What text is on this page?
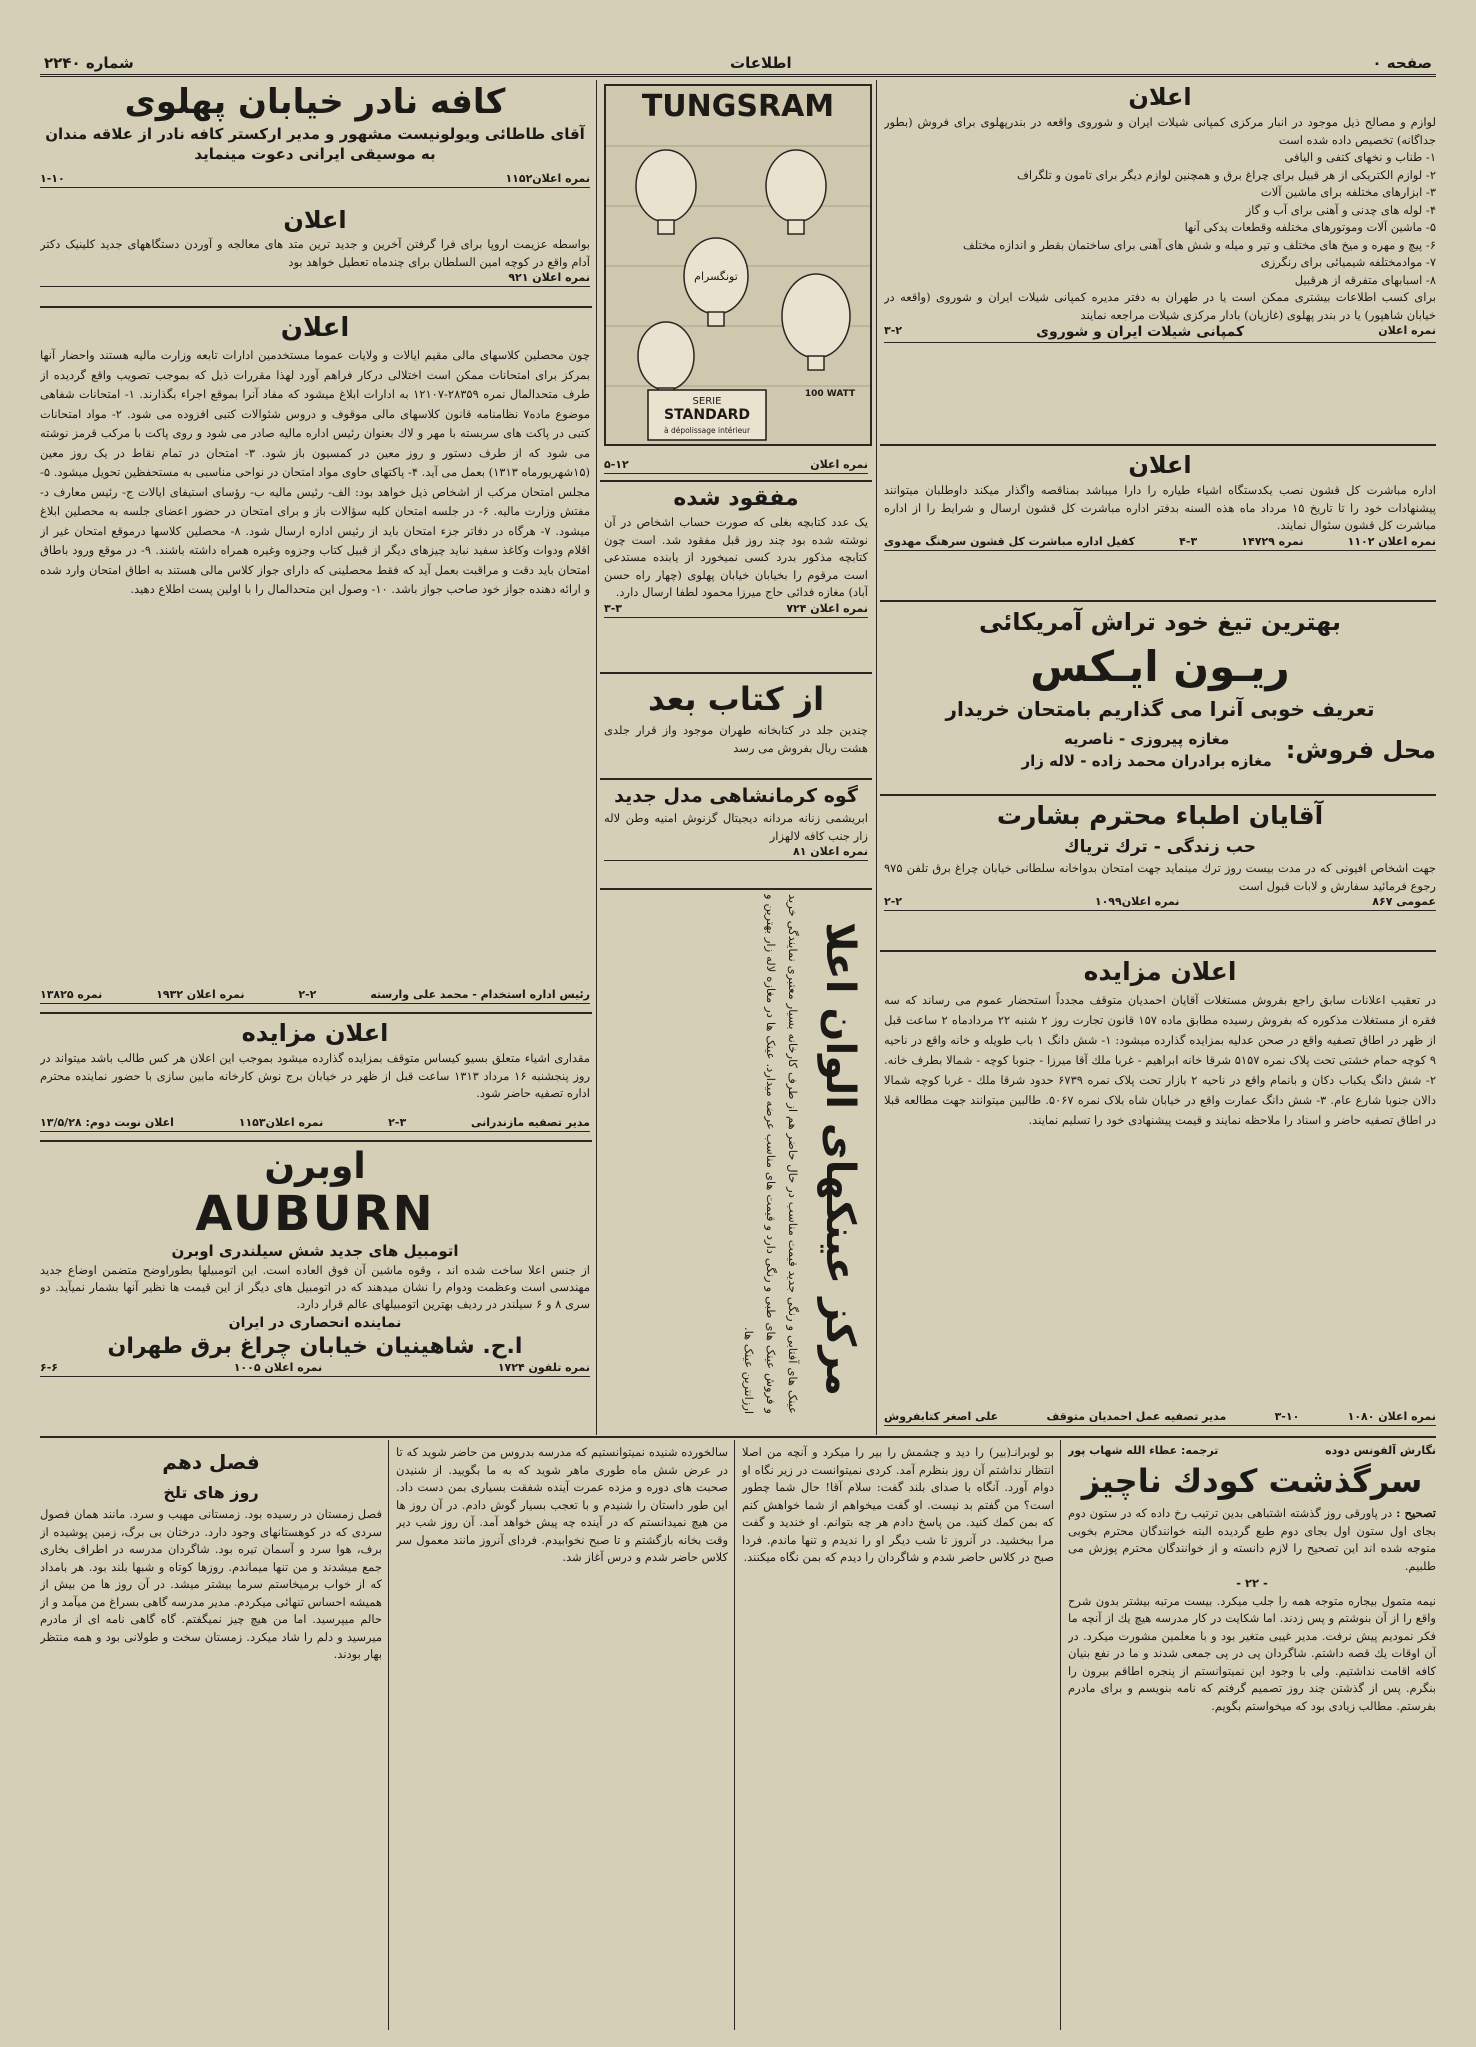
صفحه ۰
اطلاعات
شماره ۲۲۴۰
کافه نادر خیابان پهلوی

آقای طاطائی ویولونیست مشهور و مدیر ارکستر کافه نادر از علاقه مندان به موسیقی ایرانی دعوت مینماید

نمره اعلان۱۱۵۲
۱-۱۰
اعلان

بواسطه عزیمت اروپا برای فرا گرفتن آخرین و جدید ترین متد های معالجه و آوردن دستگاههای جدید کلینیک دکتر آدام واقع در کوچه امین السلطان برای چندماه تعطیل خواهد بود

نمره اعلان ۹۲۱
اعلان

چون محصلین کلاسهای مالی مقیم ایالات و ولایات عموما مستخدمین ادارات تابعه وزارت مالیه هستند واحضار آنها بمرکز برای امتحانات ممکن است اختلالی دركار فراهم آورد لهذا مقررات ذیل که بموجب تصویب واقع گردیده از طرف متحدالمال نمره ۲۸۳۵۹-۱۲۱۰۷ به ادارات ابلاغ میشود که مفاد آنرا بموقع اجراء بگذارند. ۱- امتحانات شفاهی موضوع ماده۷ نظامنامه قانون کلاسهای مالی موقوف و دروس شئوالات کتبی افزوده می شود. ۲- مواد امتحانات کتبی در پاکت های سربسته با مهر و لاك بعنوان رئیس اداره مالیه صادر می شود و روی پاکت با مرکب قرمز نوشته می شود که از طرف دستور و روز معین در کمسیون باز شود. ۳- امتحان در تمام نقاط در یک روز معین (۱۵شهریورماه ۱۳۱۳) بعمل می آید. ۴- پاکتهای حاوی مواد امتحان در نواحی مناسبی به مستحفظین تحویل میشود. ۵- مجلس امتحان مرکب از اشخاص ذیل خواهد بود: الف- رئیس مالیه ب- رؤسای استیفای ایالات ج- رئیس معارف د- مفتش وزارت مالیه. ۶- در جلسه امتحان کلیه سؤالات باز و برای امتحان در حضور اعضای جلسه به محصلین ابلاغ میشود. ۷- هرگاه در دفاتر جزء امتحان باید از رئیس اداره ارسال شود. ۸- محصلین کلاسها درموقع امتحان غیر از اقلام ودوات وکاغذ سفید نباید چیزهای دیگر از قبیل کتاب وجزوه وغیره همراه داشته باشند. ۹- در موقع ورود باطاق امتحان باید دقت و مراقبت بعمل آید که فقط محصلینی که دارای جواز کلاس مالی هستند به اطاق امتحان وارد شده و ارائه دهنده جواز خود صاحب جواز باشد. ۱۰- وصول این متحدالمال را با اولین پست اطلاع دهید.

رئیس اداره استخدام - محمد علی وارسته
۲-۲
نمره اعلان ۱۹۳۲
نمره ۱۳۸۲۵
اعلان مزایده

مقداری اشیاء متعلق بسیو کیساس متوقف بمزایده گذارده میشود بموجب این اعلان هر کس طالب باشد میتواند در روز پنجشنبه ۱۶ مرداد ۱۳۱۳ ساعت قبل از ظهر در خیابان برج نوش کارخانه مابین سازی با حضور نماینده محترم اداره تصفیه حاضر شود.

مدیر تصفیه مازندرانی
۲-۳
نمره اعلان۱۱۵۳
اعلان نوبت دوم: ۱۳/۵/۲۸
اوبرن
AUBURN

اتومبیل های جدید شش سیلندری اوبرن

از جنس اعلا ساخت شده اند ، وقوه ماشین آن فوق العاده است. این اتومبیلها بطوراوضح متضمن اوضاع جدید مهندسی است وعظمت ودوام را نشان میدهند که در اتومبیل های دیگر از این قیمت ها نظیر آنها بشمار نمیآید. دو سری ۸ و ۶ سیلندر در ردیف بهترین اتومبیلهای عالم قرار دارد.

نماینده انحصاری در ایران

ا.ح. شاهینیان خیابان چراغ برق طهران

نمره تلفون ۱۷۲۴
نمره اعلان ۱۰۰۵
۶-۶
TUNGSRAM
تونگسرام
SERIE
STANDARD
à dépolissage intérieur
100 WATT
نمره اعلان
۵-۱۲
مفقود شده

یک عدد کتابچه بغلی که صورت حساب اشخاص در آن نوشته شده بود چند روز قبل مفقود شد. است چون کتابچه مذکور بدرد کسی نمیخورد از یابنده مستدعی است مرقوم را بخیابان خیابان پهلوی (چهار راه حسن آباد) مغازه فدائی حاج میرزا محمود لطفا ارسال دارد.

نمره اعلان ۷۲۴
۳-۳
از کتاب بعد

چندین جلد در کتابخانه طهران موجود واز قرار جلدی هشت ریال بفروش می رسد

گوه کرمانشاهی مدل جدید

ابریشمی زنانه مردانه دیجیتال گزنوش امنیه وطن لاله زار جنب کافه لالهزار

نمره اعلان ۸۱
مرکز عینکهای الوان اعلا

عینک های آفتابی و رنگی جدید قیمت مناسب در حال حاضر هم از طرف کارخانه بسیار معتبری نمایندگی خرید و فروش عینک های طبی و رنگی دارد و قیمت های مناسب عرضه میدارد. عینک ها در مغازه لاله زار بهترین و ارزانترین عینک ها.

اعلان

لوازم و مصالح ذیل موجود در انبار مرکزی کمپانی شیلات ایران و شوروی واقعه در بندرپهلوی برای فروش (بطور جداگانه) تخصیص داده شده است

۱- طناب و نخهای کتفی و الیافی

۲- لوازم الکتریکی از هر قبیل برای چراغ برق و همچنین لوازم دیگر برای تامون و تلگراف

۳- ابزارهای مختلفه برای ماشین آلات

۴- لوله های چدنی و آهنی برای آب و گاز

۵- ماشین آلات وموتورهای مختلفه وقطعات یدکی آنها

۶- پیچ و مهره و میخ های مختلف و تیر و میله و شش های آهنی برای ساختمان بقطر و اندازه مختلف

۷- موادمختلفه شیمیائی برای رنگرزی

۸- اسبابهای متفرقه از هرقبیل

برای کسب اطلاعات بیشتری ممکن است یا در طهران به دفتر مدیره کمپانی شیلات ایران و شوروی (واقعه در خیابان شاهپور) یا در بندر پهلوی (غازیان) بادار مرکزی شیلات مراجعه نمایند

نمره اعلان
کمپانی شیلات ایران و شوروی
۳-۲
اعلان

اداره مباشرت کل قشون نصب یکدستگاه اشیاء طیاره را دارا میباشد بمناقصه واگذار میکند داوطلبان میتوانند پیشنهادات خود را تا تاریخ ۱۵ مرداد ماه هذه السنه بدفتر اداره مباشرت کل قشون ارسال و شرایط را از اداره مباشرت کل قشون سئوال نمایند.

نمره اعلان ۱۱۰۲
نمره ۱۴۷۲۹
۴-۳
کفیل اداره مباشرت کل قشون سرهنگ مهدوی
بهترین تیغ خود تراش آمریکائی
ریـون ایـکس
تعریف خوبی آنرا می گذاریم بامتحان خریدار
محل فروش:

مغازه پیروزی - ناصریه

مغازه برادران محمد زاده - لاله زار

آقایان اطباء محترم بشارت
حب زندگی - ترك تریاك

جهت اشخاص افیونی که در مدت بیست روز ترك مینماید جهت امتحان بدواخانه سلطانی خیابان چراغ برق تلفن ۹۷۵ رجوع فرمائید سفارش و لابات قبول است

عمومی ۸۶۷
نمره اعلان۱۰۹۹
۲-۲
اعلان مزایده

در تعقیب اعلانات سابق راجع بفروش مستغلات آقایان احمدیان متوقف مجدداً استحضار عموم می رساند که سه فقره از مستغلات مذکوره که بفروش رسیده مطابق ماده ۱۵۷ قانون تجارت روز ۲ شنبه ۲۲ مردادماه ۲ ساعت قبل از ظهر در اطاق تصفیه واقع در صحن عدلیه بمزایده گذارده میشود: ۱- شش دانگ ۱ باب طویله و خانه واقع در ناحیه ۹ کوچه حمام خشتی تحت پلاک نمره ۵۱۵۷ شرقا خانه ابراهیم - غربا ملك آقا میرزا - جنوبا کوچه - شمالا بطرف خانه. ۲- شش دانگ یکباب دکان و بانمام واقع در ناحیه ۲ بازار تحت پلاک نمره ۶۷۳۹ حدود شرقا ملك - غربا کوچه شمالا دالان جنوبا شارع عام. ۳- شش دانگ عمارت واقع در خیابان شاه بلاک نمره ۵۰۶۷. طالبین میتوانند جهت مطالعه قبلا در اطاق تصفیه حاضر و اسناد را ملاحظه نمایند و قیمت پیشنهادی خود را تسلیم نمایند.

نمره اعلان ۱۰۸۰
۳-۱۰
مدیر تصفیه عمل احمدیان متوقف
علی اصغر کتابفروش
نگارش آلفونس دوده
ترجمه: عطاء الله شهاب پور
سرگذشت کودك ناچیز

تصحیح : در پاورقی روز گذشته اشتباهی بدین ترتیب رخ داده که در ستون دوم بجای اول ستون اول بجای دوم طبع گردیده البته خوانندگان محترم بخوبی متوجه شده اند این تصحیح را لازم دانسته و از خوانندگان محترم پوزش می طلبیم.

- ۲۲ -

نیمه متمول بیجاره متوجه همه را جلب میکرد. بیست مرتبه بیشتر بدون شرح واقع را از آن بنوشتم و پس زدند. اما شکایت در کار مدرسه هیچ یك از آنچه ما فکر نمودیم پیش نرفت. مدیر غیبی متغیر بود و با معلمین مشورت میکرد. در آن اوقات یك قصه داشتم. شاگردان پی در پی جمعی شدند و ما در نفع بنیان کافه اقامت نداشتیم. ولی با وجود این نمیتوانستم از پنجره اطاقم بیرون را بنگرم. پس از گذشتن چند روز تصمیم گرفتم که نامه بنویسم و برای مادرم بفرستم. مطالب زیادی بود که میخواستم بگویم.

بو لوبرانـ(بیر) را دید و چشمش را بیر را میکرد و آنچه من اصلا انتظار نداشتم آن روز بنظرم آمد. کردی نمیتوانست در زیر نگاه او دوام آورد. آنگاه با صدای بلند گفت: سلام آقا! حال شما چطور است؟ من گفتم بد نیست. او گفت میخواهم از شما خواهش کنم که بمن کمك کنید. من پاسخ دادم هر چه بتوانم. او خندید و گفت مرا ببخشید. در آنروز تا شب دیگر او را ندیدم و تنها ماندم. فردا صبح در کلاس حاضر شدم و شاگردان را دیدم که بمن نگاه میکنند.

سالخورده شنیده نمیتوانستیم که مدرسه بدروس من حاضر شوید که تا در عرض شش ماه طوری ماهر شوید که به ما بگویید. از شنیدن صحبت های دوره و مزده عمرت آینده شفقت بسیاری بمن دست داد. این طور داستان را شنیدم و با تعجب بسیار گوش دادم. در آن روز ها من هیچ نمیدانستم که در آینده چه پیش خواهد آمد. آن روز شب دیر وقت بخانه بازگشتم و تا صبح نخوابیدم. فردای آنروز مانند معمول سر کلاس حاضر شدم و درس آغاز شد.

فصل دهم
روز های تلخ

فصل زمستان در رسیده بود. زمستانی مهیب و سرد. مانند همان فصول سردی که در کوهستانهای وجود دارد. درختان بی برگ، زمین پوشیده از برف، هوا سرد و آسمان تیره بود. شاگردان مدرسه در اطراف بخاری جمع میشدند و من تنها میماندم. روزها کوتاه و شبها بلند بود. هر بامداد که از خواب برمیخاستم سرما بیشتر میشد. در آن روز ها من بیش از همیشه احساس تنهائی میکردم. مدیر مدرسه گاهی بسراغ من میآمد و از حالم میپرسید. اما من هیچ چیز نمیگفتم. گاه گاهی نامه ای از مادرم میرسید و دلم را شاد میکرد. زمستان سخت و طولانی بود و همه منتظر بهار بودند.
